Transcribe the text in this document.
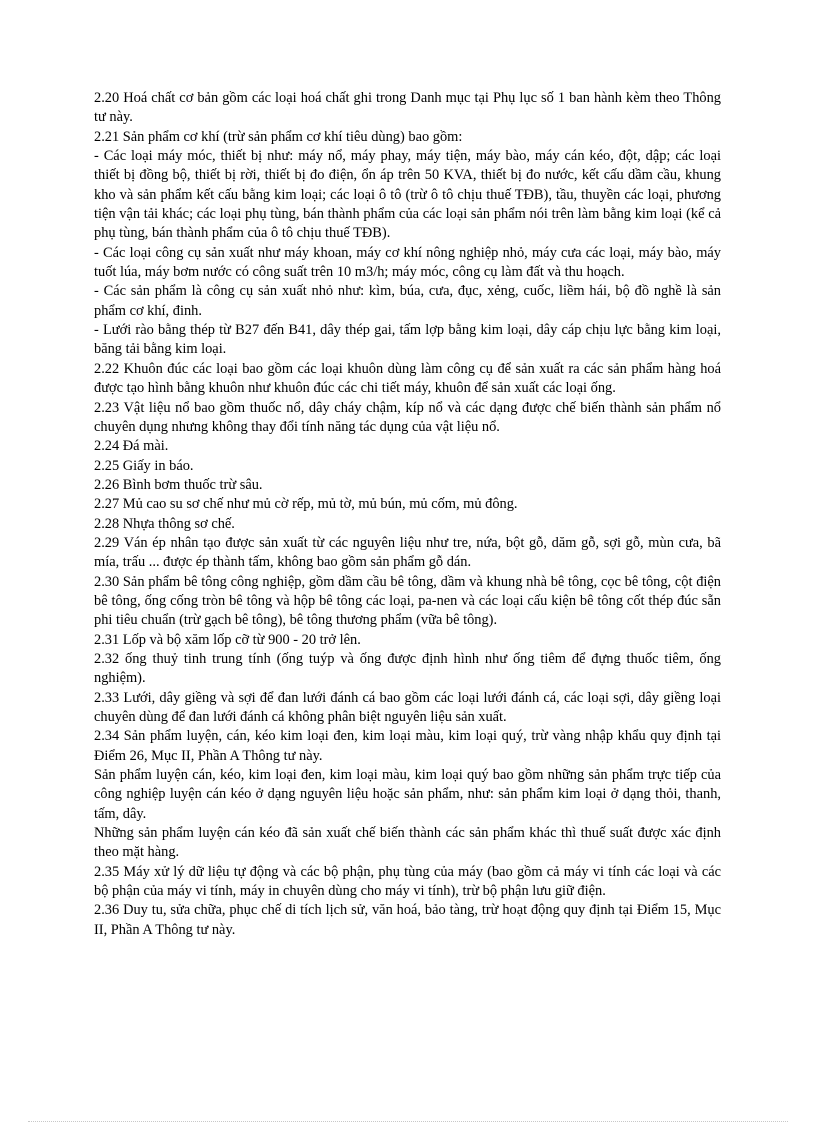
2.20 Hoá chất cơ bản gồm các loại hoá chất ghi trong Danh mục tại Phụ lục số 1 ban hành kèm theo Thông tư này.

2.21 Sản phẩm cơ khí (trừ sản phẩm cơ khí tiêu dùng) bao gồm:

- Các loại máy móc, thiết bị như: máy nổ, máy phay, máy tiện, máy bào, máy cán kéo, đột, dập; các loại thiết bị đồng bộ, thiết bị rời, thiết bị đo điện, ổn áp trên 50 KVA, thiết bị đo nước, kết cấu dầm cầu, khung kho và sản phẩm kết cấu bằng kim loại; các loại ô tô (trừ ô tô chịu thuế TĐB), tầu, thuyền các loại, phương tiện vận tải khác; các loại phụ tùng, bán thành phẩm của các loại sản phẩm nói trên làm bằng kim loại (kể cả phụ tùng, bán thành phẩm của ô tô chịu thuế TĐB).

- Các loại công cụ sản xuất như máy khoan, máy cơ khí nông nghiệp nhỏ, máy cưa các loại, máy bào, máy tuốt lúa, máy bơm nước có công suất trên 10 m3/h; máy móc, công cụ làm đất và thu hoạch.

- Các sản phẩm là công cụ sản xuất nhỏ như: kìm, búa, cưa, đục, xẻng, cuốc, liềm hái, bộ đồ nghề là sản phẩm cơ khí, đinh.

- Lưới rào bằng thép từ B27 đến B41, dây thép gai, tấm lợp bằng kim loại, dây cáp chịu lực bằng kim loại, băng tải bằng kim loại.

2.22 Khuôn đúc các loại bao gồm các loại khuôn dùng làm công cụ để sản xuất ra các sản phẩm hàng hoá được tạo hình bằng khuôn như khuôn đúc các chi tiết máy, khuôn để sản xuất các loại ống.

2.23 Vật liệu nổ bao gồm thuốc nổ, dây cháy chậm, kíp nổ và các dạng được chế biến thành sản phẩm nổ chuyên dụng nhưng không thay đổi tính năng tác dụng của vật liệu nổ.

2.24 Đá mài.

2.25 Giấy in báo.

2.26 Bình bơm thuốc trừ sâu.

2.27 Mủ cao su sơ chế như mủ cờ rếp, mủ tờ, mủ bún, mủ cốm, mủ đông.

2.28 Nhựa thông sơ chế.

2.29 Ván ép nhân tạo được sản xuất từ các nguyên liệu như tre, nứa, bột gỗ, dăm gỗ, sợi gỗ, mùn cưa, bã mía, trấu ... được ép thành tấm, không bao gồm sản phẩm gỗ dán.

2.30 Sản phẩm bê tông công nghiệp, gồm dầm cầu bê tông, dầm và khung nhà bê tông, cọc bê tông, cột điện bê tông, ống cống tròn bê tông và hộp bê tông các loại, pa-nen và các loại cấu kiện bê tông cốt thép đúc sẵn phi tiêu chuẩn (trừ gạch bê tông), bê tông thương phẩm (vữa bê tông).

2.31 Lốp và bộ xăm lốp cỡ từ 900 - 20 trở lên.

2.32 ống thuỷ tinh trung tính (ống tuýp và ống được định hình như ống tiêm để đựng thuốc tiêm, ống nghiệm).

2.33 Lưới, dây giềng và sợi để đan lưới đánh cá bao gồm các loại lưới đánh cá, các loại sợi, dây giềng loại chuyên dùng để đan lưới đánh cá không phân biệt nguyên liệu sản xuất.

2.34 Sản phẩm luyện, cán, kéo kim loại đen, kim loại màu, kim loại quý, trừ vàng nhập khẩu quy định tại Điểm 26, Mục II, Phần A Thông tư này.

Sản phẩm luyện cán, kéo, kim loại đen, kim loại màu, kim loại quý bao gồm những sản phẩm trực tiếp của công nghiệp luyện cán kéo ở dạng nguyên liệu hoặc sản phẩm, như: sản phẩm kim loại ở dạng thỏi, thanh, tấm, dây.

Những sản phẩm luyện cán kéo đã sản xuất chế biến thành các sản phẩm khác thì thuế suất được xác định theo mặt hàng.

2.35 Máy xử lý dữ liệu tự động và các bộ phận, phụ tùng của máy (bao gồm cả máy vi tính các loại và các bộ phận của máy vi tính, máy in chuyên dùng cho máy vi tính), trừ bộ phận lưu giữ điện.

2.36 Duy tu, sửa chữa, phục chế di tích lịch sử, văn hoá, bảo tàng, trừ hoạt động quy định tại Điểm 15, Mục II, Phần A Thông tư này.
